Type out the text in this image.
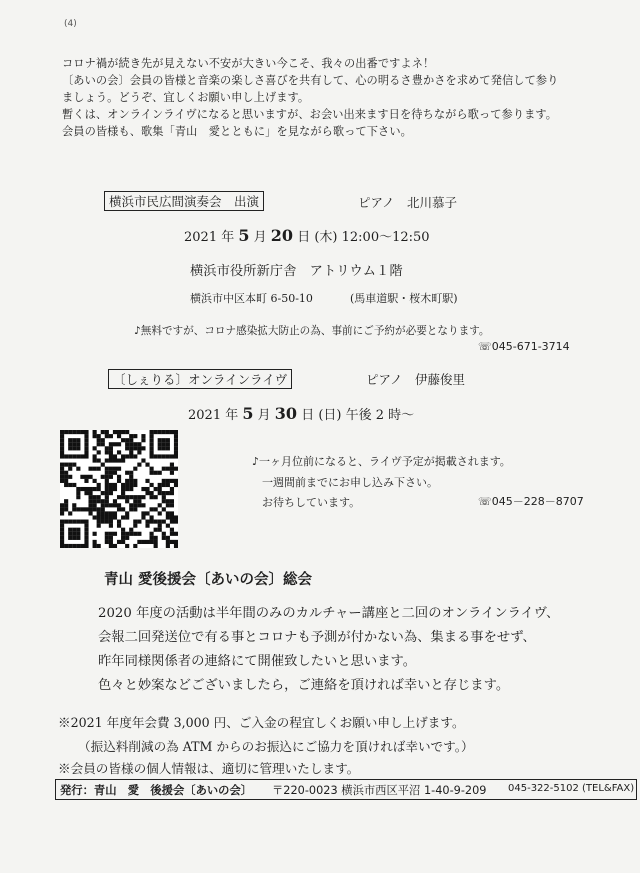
(4)
コロナ禍が続き先が見えない不安が大きい今こそ、我々の出番ですよネ！
〔あいの会〕会員の皆様と音楽の楽しさ喜びを共有して、心の明るさ豊かさを求めて発信して参り
ましょう。どうぞ、宜しくお願い申し上げます。
暫くは、オンラインライヴになると思いますが、お会い出来ます日を待ちながら歌って参ります。
会員の皆様も、歌集「青山　愛とともに」を見ながら歌って下さい。
横浜市民広間演奏会　出演	ピアノ　北川慕子
2021 年 5 月 20 日 (木) 12:00～12:50
横浜市役所新庁舎　アトリウム１階
横浜市中区本町 6-50-10	(馬車道駅・桜木町駅)
♪無料ですが、コロナ感染拡大防止の為、事前にご予約が必要となります。
☏045-671-3714
〔しぇりる〕オンラインライヴ	ピアノ　伊藤俊里
2021 年 5 月 30 日 (日) 午後 2 時～
♪一ヶ月位前になると、ライヴ予定が掲載されます。
一週間前までにお申し込み下さい。
お待ちしています。	☏045－228－8707
青山 愛後援会〔あいの会〕総会
2020 年度の活動は半年間のみのカルチャー講座と二回のオンラインライヴ、
会報二回発送位で有る事とコロナも予測が付かない為、集まる事をせず、
昨年同様関係者の連絡にて開催致したいと思います。
色々と妙案などございましたら，ご連絡を頂ければ幸いと存じます。
※2021 年度年会費 3,000 円、ご入金の程宜しくお願い申し上げます。
（振込料削減の為 ATM からのお振込にご協力を頂ければ幸いです。）
※会員の皆様の個人情報は、適切に管理いたします。
発行：青山　愛　後援会〔あいの会〕 〒220-0023 横浜市西区平沼 1-40-9-209 045-322-5102 (TEL&FAX)
